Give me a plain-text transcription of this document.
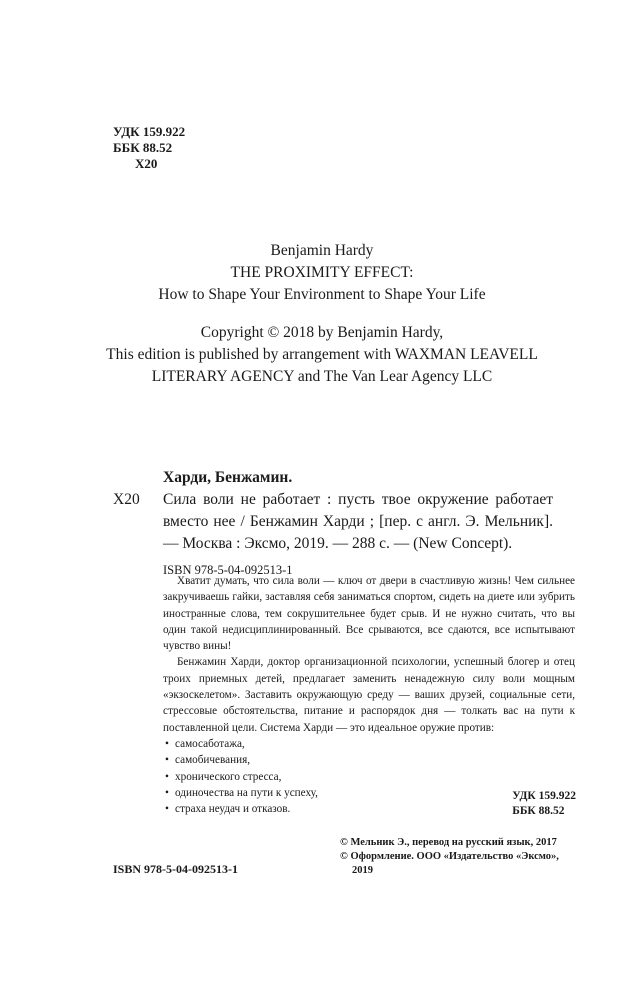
УДК 159.922
ББК 88.52
Х20
Benjamin Hardy
THE PROXIMITY EFFECT:
How to Shape Your Environment to Shape Your Life
Copyright © 2018 by Benjamin Hardy,
This edition is published by arrangement with WAXMAN LEAVELL
LITERARY AGENCY and The Van Lear Agency LLC
Харди, Бенжамин.
Х20	Сила воли не работает : пусть твое окружение работает вместо нее / Бенжамин Харди ; [пер. с англ. Э. Мельник]. — Москва : Эксмо, 2019. — 288 с. — (New Concept).
ISBN 978-5-04-092513-1

Хватит думать, что сила воли — ключ от двери в счастливую жизнь! Чем сильнее закручиваешь гайки, заставляя себя заниматься спортом, сидеть на диете или зубрить иностранные слова, тем сокрушительнее будет срыв. И не нужно считать, что вы один такой недисциплинированный. Все срываются, все сдаются, все испытывают чувство вины!

Бенжамин Харди, доктор организационной психологии, успешный блогер и отец троих приемных детей, предлагает заменить ненадежную силу воли мощным «экзоскелетом». Заставить окружающую среду — ваших друзей, социальные сети, стрессовые обстоятельства, питание и распорядок дня — толкать вас на пути к поставленной цели. Система Харди — это идеальное оружие против:

• самосаботажа,
• самобичевания,
• хронического стресса,
• одиночества на пути к успеху,
• страха неудач и отказов.
УДК 159.922
ББК 88.52
ISBN 978-5-04-092513-1
© Мельник Э., перевод на русский язык, 2017
© Оформление. ООО «Издательство «Эксмо»,
2019
